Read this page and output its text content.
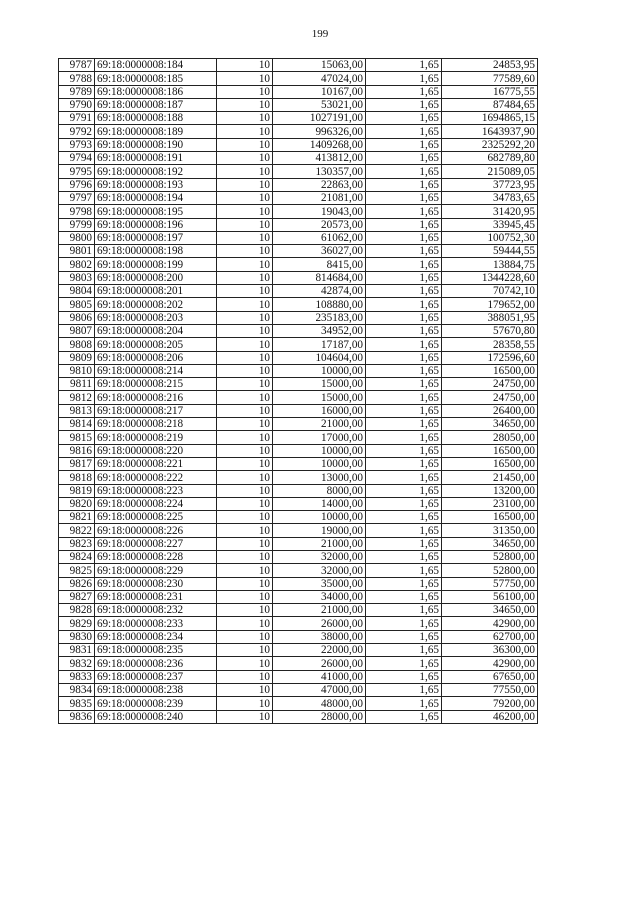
199
9787	69:18:0000008:184	10	15063,00	1,65	24853,95
9788	69:18:0000008:185	10	47024,00	1,65	77589,60
9789	69:18:0000008:186	10	10167,00	1,65	16775,55
9790	69:18:0000008:187	10	53021,00	1,65	87484,65
9791	69:18:0000008:188	10	1027191,00	1,65	1694865,15
9792	69:18:0000008:189	10	996326,00	1,65	1643937,90
9793	69:18:0000008:190	10	1409268,00	1,65	2325292,20
9794	69:18:0000008:191	10	413812,00	1,65	682789,80
9795	69:18:0000008:192	10	130357,00	1,65	215089,05
9796	69:18:0000008:193	10	22863,00	1,65	37723,95
9797	69:18:0000008:194	10	21081,00	1,65	34783,65
9798	69:18:0000008:195	10	19043,00	1,65	31420,95
9799	69:18:0000008:196	10	20573,00	1,65	33945,45
9800	69:18:0000008:197	10	61062,00	1,65	100752,30
9801	69:18:0000008:198	10	36027,00	1,65	59444,55
9802	69:18:0000008:199	10	8415,00	1,65	13884,75
9803	69:18:0000008:200	10	814684,00	1,65	1344228,60
9804	69:18:0000008:201	10	42874,00	1,65	70742,10
9805	69:18:0000008:202	10	108880,00	1,65	179652,00
9806	69:18:0000008:203	10	235183,00	1,65	388051,95
9807	69:18:0000008:204	10	34952,00	1,65	57670,80
9808	69:18:0000008:205	10	17187,00	1,65	28358,55
9809	69:18:0000008:206	10	104604,00	1,65	172596,60
9810	69:18:0000008:214	10	10000,00	1,65	16500,00
9811	69:18:0000008:215	10	15000,00	1,65	24750,00
9812	69:18:0000008:216	10	15000,00	1,65	24750,00
9813	69:18:0000008:217	10	16000,00	1,65	26400,00
9814	69:18:0000008:218	10	21000,00	1,65	34650,00
9815	69:18:0000008:219	10	17000,00	1,65	28050,00
9816	69:18:0000008:220	10	10000,00	1,65	16500,00
9817	69:18:0000008:221	10	10000,00	1,65	16500,00
9818	69:18:0000008:222	10	13000,00	1,65	21450,00
9819	69:18:0000008:223	10	8000,00	1,65	13200,00
9820	69:18:0000008:224	10	14000,00	1,65	23100,00
9821	69:18:0000008:225	10	10000,00	1,65	16500,00
9822	69:18:0000008:226	10	19000,00	1,65	31350,00
9823	69:18:0000008:227	10	21000,00	1,65	34650,00
9824	69:18:0000008:228	10	32000,00	1,65	52800,00
9825	69:18:0000008:229	10	32000,00	1,65	52800,00
9826	69:18:0000008:230	10	35000,00	1,65	57750,00
9827	69:18:0000008:231	10	34000,00	1,65	56100,00
9828	69:18:0000008:232	10	21000,00	1,65	34650,00
9829	69:18:0000008:233	10	26000,00	1,65	42900,00
9830	69:18:0000008:234	10	38000,00	1,65	62700,00
9831	69:18:0000008:235	10	22000,00	1,65	36300,00
9832	69:18:0000008:236	10	26000,00	1,65	42900,00
9833	69:18:0000008:237	10	41000,00	1,65	67650,00
9834	69:18:0000008:238	10	47000,00	1,65	77550,00
9835	69:18:0000008:239	10	48000,00	1,65	79200,00
9836	69:18:0000008:240	10	28000,00	1,65	46200,00
